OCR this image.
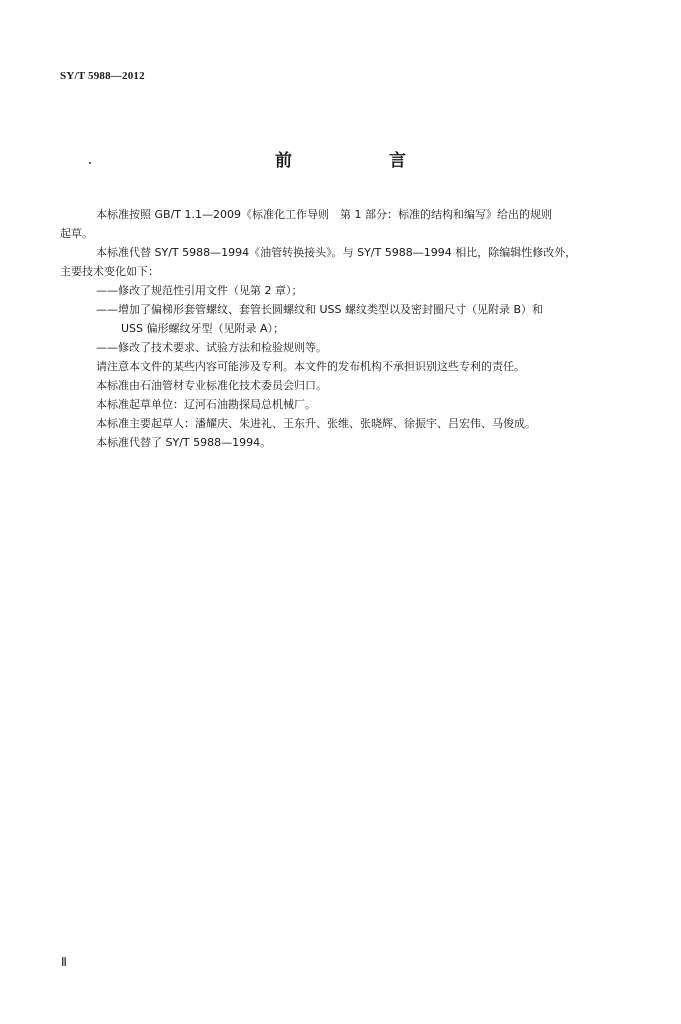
SY/T 5988—2012
前　言

本标准按照 GB/T 1.1—2009《标准化工作导则　第 1 部分：标准的结构和编写》给出的规则

起草。

本标准代替 SY/T 5988—1994《油管转换接头》。与 SY/T 5988—1994 相比，除编辑性修改外，

主要技术变化如下：

——修改了规范性引用文件（见第 2 章）；

——增加了偏梯形套管螺纹、套管长圆螺纹和 USS 螺纹类型以及密封圈尺寸（见附录 B）和
USS 偏形螺纹牙型（见附录 A）；

——修改了技术要求、试验方法和检验规则等。

请注意本文件的某些内容可能涉及专利。本文件的发布机构不承担识别这些专利的责任。

本标准由石油管材专业标准化技术委员会归口。

本标准起草单位：辽河石油勘探局总机械厂。

本标准主要起草人：潘耀庆、朱进礼、王东升、张维、张晓辉、徐振宇、吕宏伟、马俊成。

本标准代替了 SY/T 5988—1994。

Ⅱ
